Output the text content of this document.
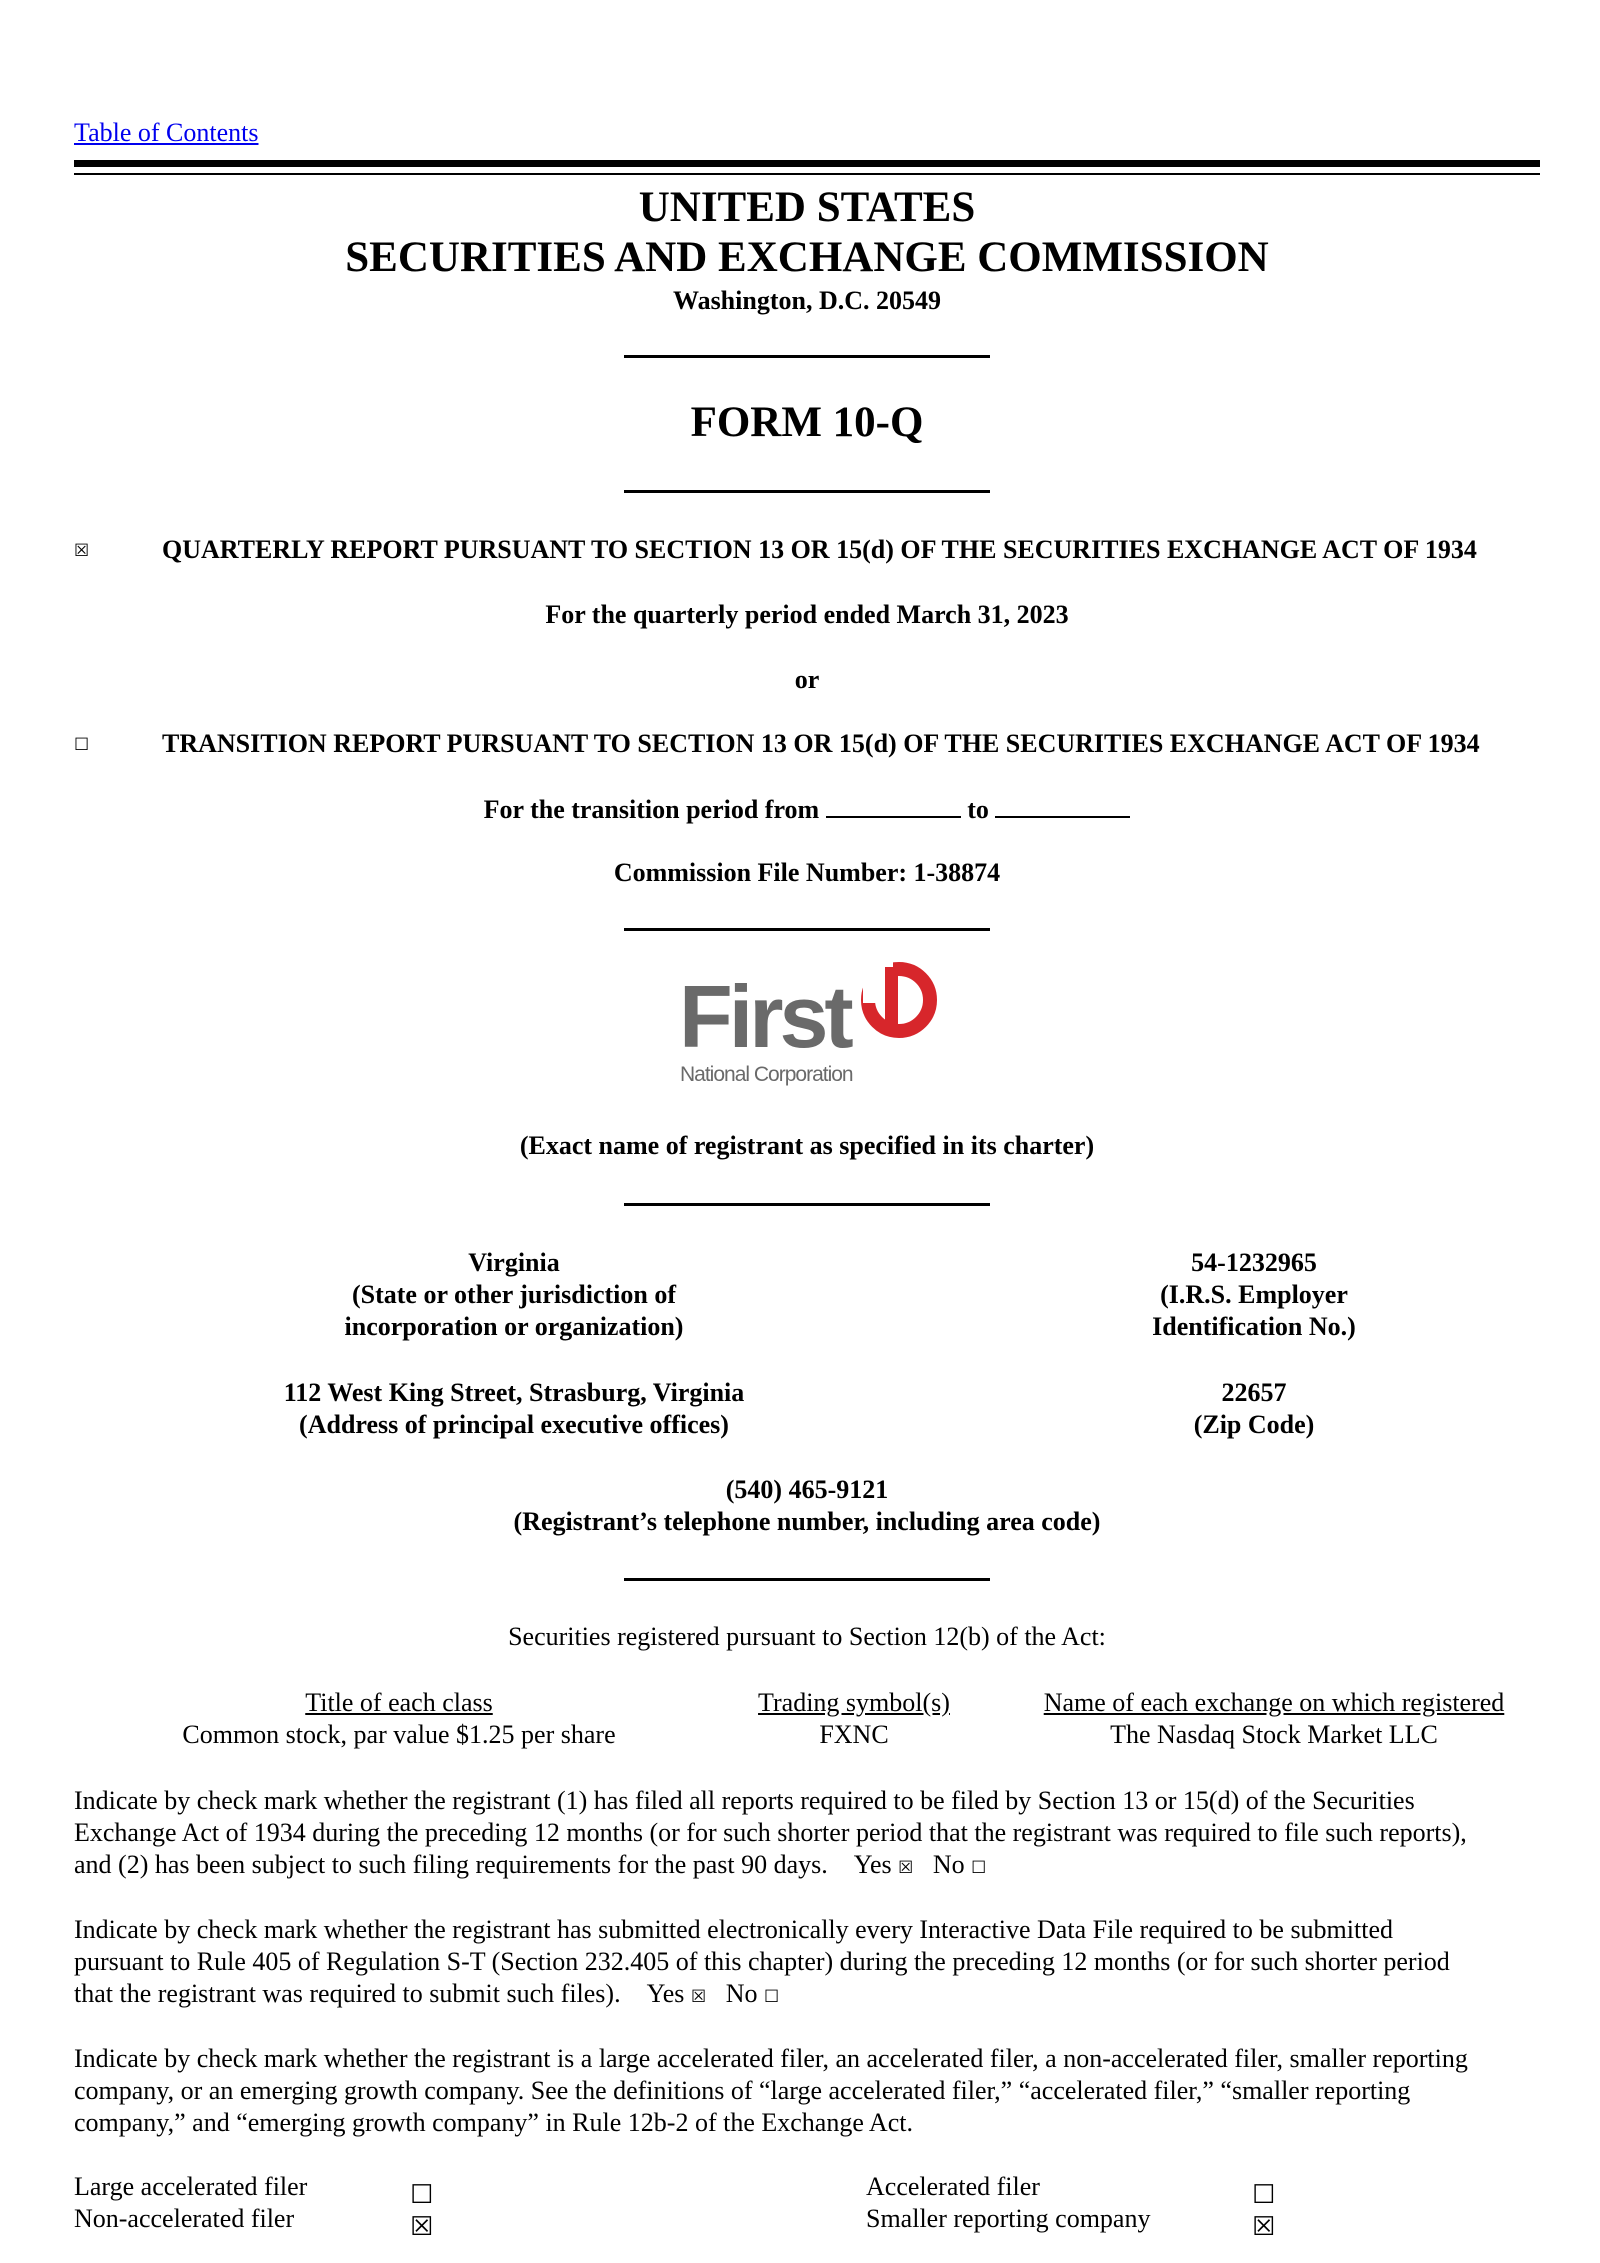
Table of Contents
UNITED STATES
SECURITIES AND EXCHANGE COMMISSION
Washington, D.C. 20549
FORM 10-Q
☒	QUARTERLY REPORT PURSUANT TO SECTION 13 OR 15(d) OF THE SECURITIES EXCHANGE ACT OF 1934
For the quarterly period ended March 31, 2023
or
☐	TRANSITION REPORT PURSUANT TO SECTION 13 OR 15(d) OF THE SECURITIES EXCHANGE ACT OF 1934
For the transition period from	to
Commission File Number: 1-38874
First
National Corporation
(Exact name of registrant as specified in its charter)
Virginia
(State or other jurisdiction of
incorporation or organization)
54-1232965
(I.R.S. Employer
Identification No.)
112 West King Street, Strasburg, Virginia
(Address of principal executive offices)
22657
(Zip Code)
(540) 465-9121
(Registrant’s telephone number, including area code)
Securities registered pursuant to Section 12(b) of the Act:
Title of each class	Trading symbol(s)	Name of each exchange on which registered
Common stock, par value $1.25 per share	FXNC	The Nasdaq Stock Market LLC
Indicate by check mark whether the registrant (1) has filed all reports required to be filed by Section 13 or 15(d) of the Securities
Exchange Act of 1934 during the preceding 12 months (or for such shorter period that the registrant was required to file such reports),
and (2) has been subject to such filing requirements for the past 90 days. Yes ☒ No ☐
Indicate by check mark whether the registrant has submitted electronically every Interactive Data File required to be submitted
pursuant to Rule 405 of Regulation S-T (Section 232.405 of this chapter) during the preceding 12 months (or for such shorter period
that the registrant was required to submit such files). Yes ☒ No ☐
Indicate by check mark whether the registrant is a large accelerated filer, an accelerated filer, a non-accelerated filer, smaller reporting
company, or an emerging growth company. See the definitions of “large accelerated filer,” “accelerated filer,” “smaller reporting
company,” and “emerging growth company” in Rule 12b-2 of the Exchange Act.
Large accelerated filer	☐	Accelerated filer	☐
Non-accelerated filer	☒	Smaller reporting company	☒
